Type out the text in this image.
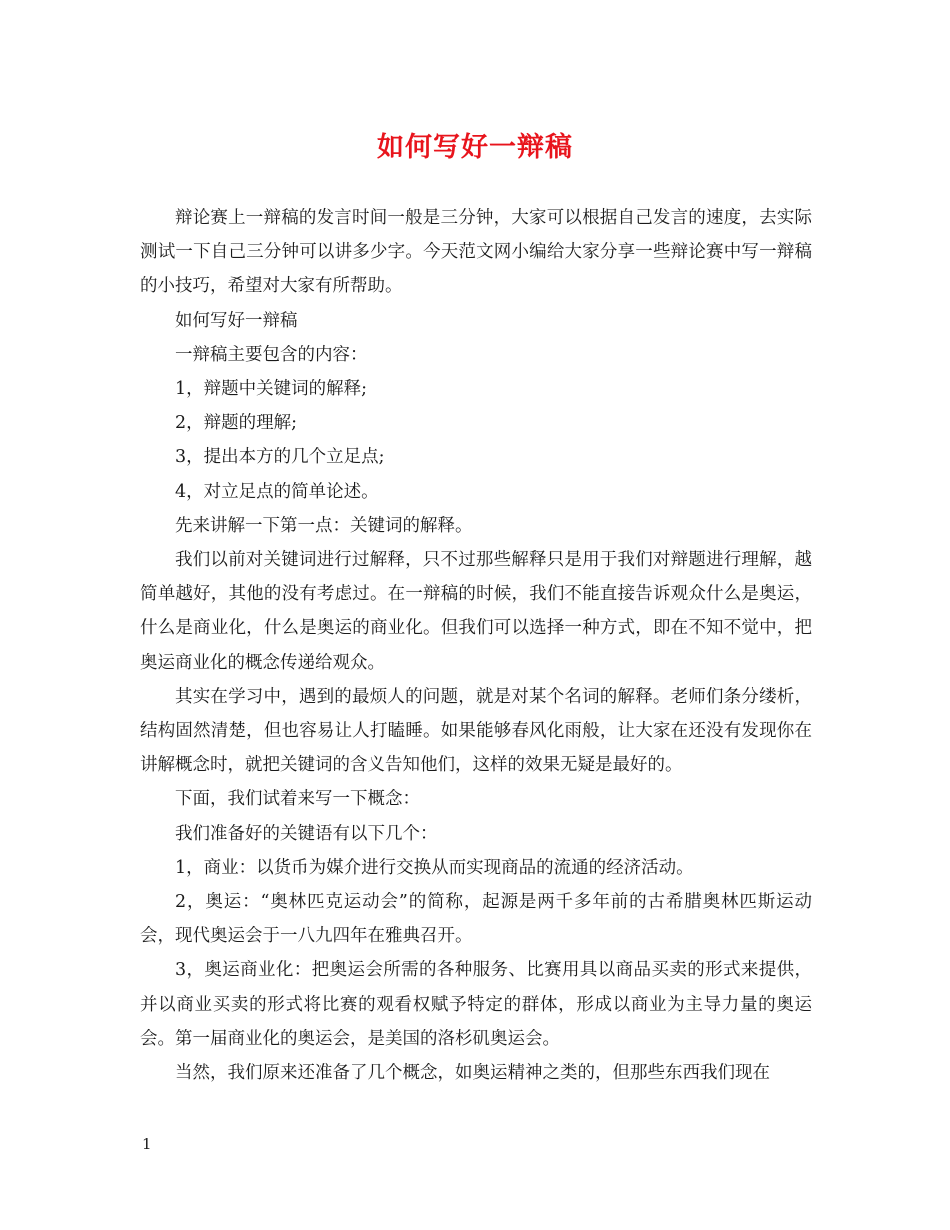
如何写好一辩稿

辩论赛上一辩稿的发言时间一般是三分钟，大家可以根据自己发言的速度，去实际测试一下自己三分钟可以讲多少字。今天范文网小编给大家分享一些辩论赛中写一辩稿的小技巧，希望对大家有所帮助。

如何写好一辩稿

一辩稿主要包含的内容：

1，辩题中关键词的解释;

2，辩题的理解;

3，提出本方的几个立足点;

4，对立足点的简单论述。

先来讲解一下第一点：关键词的解释。

我们以前对关键词进行过解释，只不过那些解释只是用于我们对辩题进行理解，越简单越好，其他的没有考虑过。在一辩稿的时候，我们不能直接告诉观众什么是奥运，什么是商业化，什么是奥运的商业化。但我们可以选择一种方式，即在不知不觉中，把奥运商业化的概念传递给观众。

其实在学习中，遇到的最烦人的问题，就是对某个名词的解释。老师们条分缕析，结构固然清楚，但也容易让人打瞌睡。如果能够春风化雨般，让大家在还没有发现你在讲解概念时，就把关键词的含义告知他们，这样的效果无疑是最好的。

下面，我们试着来写一下概念：

我们准备好的关键语有以下几个：

1，商业：以货币为媒介进行交换从而实现商品的流通的经济活动。

2，奥运：“奥林匹克运动会”的简称，起源是两千多年前的古希腊奥林匹斯运动会，现代奥运会于一八九四年在雅典召开。

3，奥运商业化：把奥运会所需的各种服务、比赛用具以商品买卖的形式来提供，并以商业买卖的形式将比赛的观看权赋予特定的群体，形成以商业为主导力量的奥运会。第一届商业化的奥运会，是美国的洛杉矶奥运会。

当然，我们原来还准备了几个概念，如奥运精神之类的，但那些东西我们现在

1
